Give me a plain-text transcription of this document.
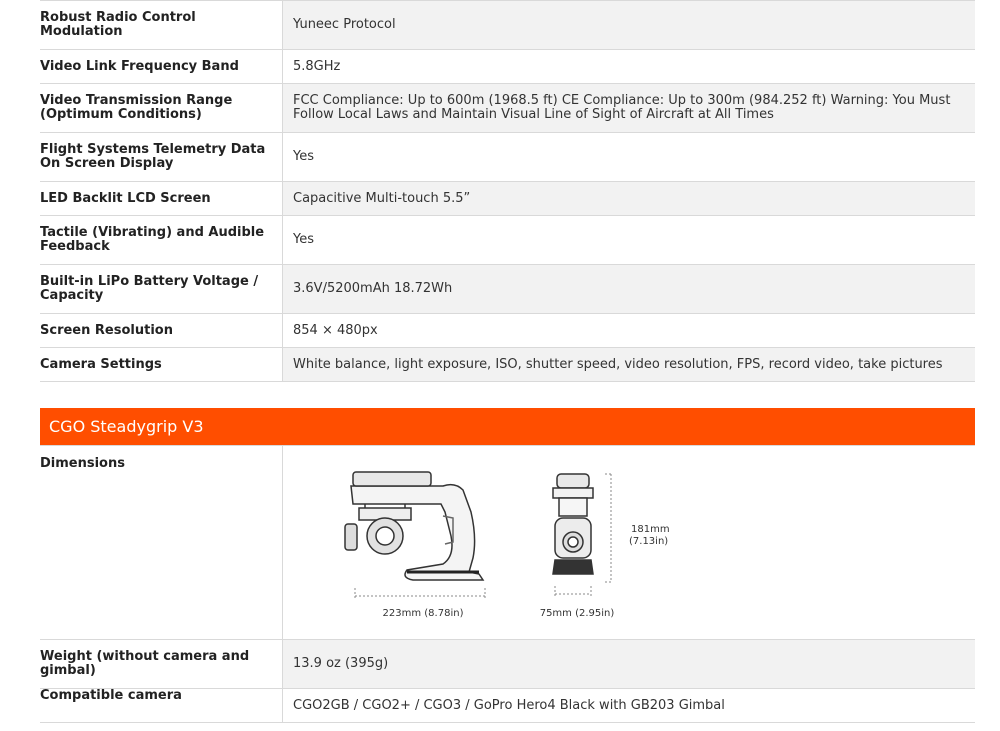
Robust Radio Control Modulation	Yuneec Protocol
Video Link Frequency Band	5.8GHz
Video Transmission Range (Optimum Conditions)	FCC Compliance: Up to 600m (1968.5 ft) CE Compliance: Up to 300m (984.252 ft) Warning: You Must Follow Local Laws and Maintain Visual Line of Sight of Aircraft at All Times
Flight Systems Telemetry Data On Screen Display	Yes
LED Backlit LCD Screen	Capacitive Multi-touch 5.5”
Tactile (Vibrating) and Audible Feedback	Yes
Built-in LiPo Battery Voltage / Capacity	3.6V/5200mAh 18.72Wh
Screen Resolution	854 × 480px
Camera Settings	White balance, light exposure, ISO, shutter speed, video resolution, FPS, record video, take pictures
CGO Steadygrip V3
Dimensions	223mm (8.78in) 75mm (2.95in)
181mm
(7.13in)

Weight (without camera and gimbal)	13.9 oz (395g)
Compatible camera	CGO2GB / CGO2+ / CGO3 / GoPro Hero4 Black with GB203 Gimbal
